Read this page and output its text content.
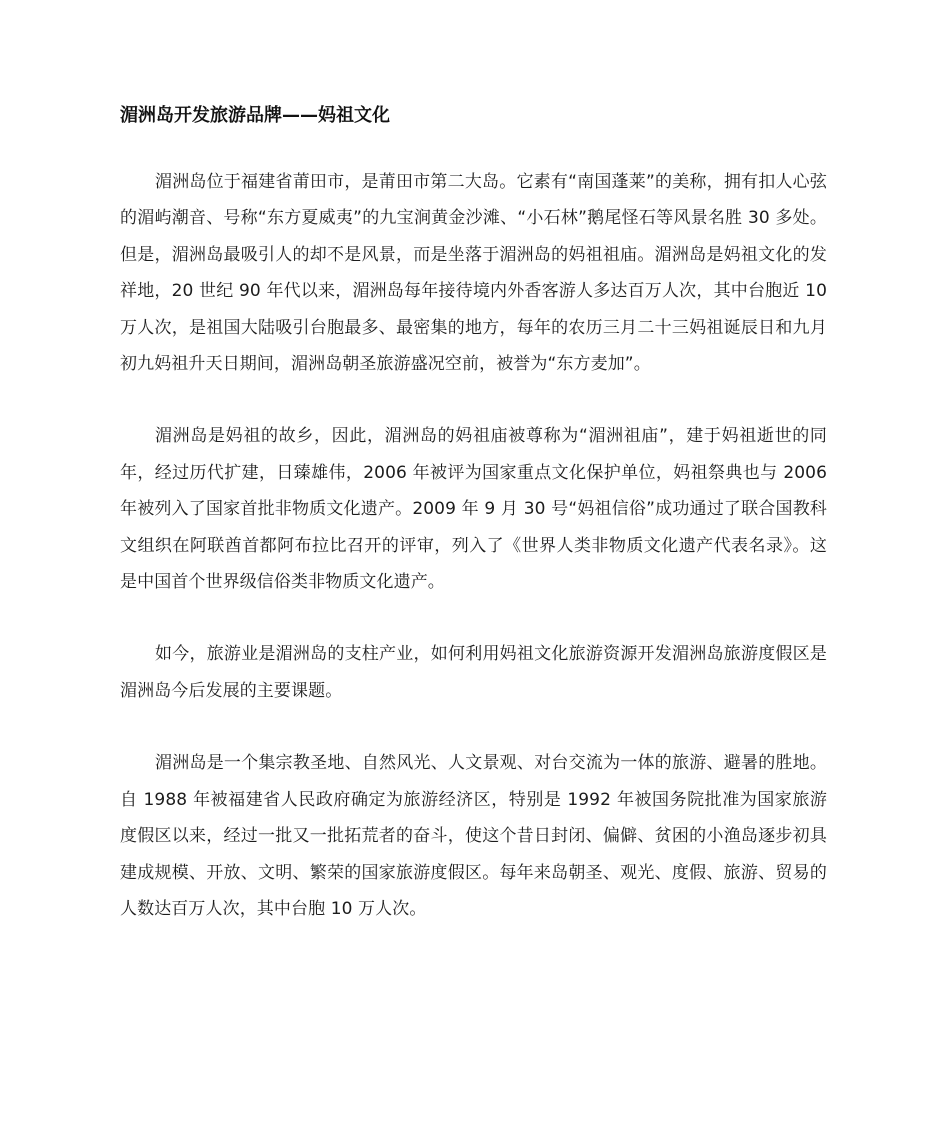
湄洲岛开发旅游品牌——妈祖文化

湄洲岛位于福建省莆田市，是莆田市第二大岛。它素有“南国蓬莱”的美称，拥有扣人心弦的湄屿潮音、号称“东方夏威夷”的九宝涧黄金沙滩、“小石林”鹅尾怪石等风景名胜 30 多处。但是，湄洲岛最吸引人的却不是风景，而是坐落于湄洲岛的妈祖祖庙。湄洲岛是妈祖文化的发祥地，20 世纪 90 年代以来，湄洲岛每年接待境内外香客游人多达百万人次，其中台胞近 10 万人次，是祖国大陆吸引台胞最多、最密集的地方，每年的农历三月二十三妈祖诞辰日和九月初九妈祖升天日期间，湄洲岛朝圣旅游盛况空前，被誉为“东方麦加”。

湄洲岛是妈祖的故乡，因此，湄洲岛的妈祖庙被尊称为“湄洲祖庙”，建于妈祖逝世的同年，经过历代扩建，日臻雄伟，2006 年被评为国家重点文化保护单位，妈祖祭典也与 2006 年被列入了国家首批非物质文化遗产。2009 年 9 月 30 号“妈祖信俗”成功通过了联合国教科文组织在阿联酋首都阿布拉比召开的评审，列入了《世界人类非物质文化遗产代表名录》。这是中国首个世界级信俗类非物质文化遗产。

如今，旅游业是湄洲岛的支柱产业，如何利用妈祖文化旅游资源开发湄洲岛旅游度假区是湄洲岛今后发展的主要课题。

湄洲岛是一个集宗教圣地、自然风光、人文景观、对台交流为一体的旅游、避暑的胜地。自 1988 年被福建省人民政府确定为旅游经济区，特别是 1992 年被国务院批准为国家旅游度假区以来，经过一批又一批拓荒者的奋斗，使这个昔日封闭、偏僻、贫困的小渔岛逐步初具建成规模、开放、文明、繁荣的国家旅游度假区。每年来岛朝圣、观光、度假、旅游、贸易的人数达百万人次，其中台胞 10 万人次。
